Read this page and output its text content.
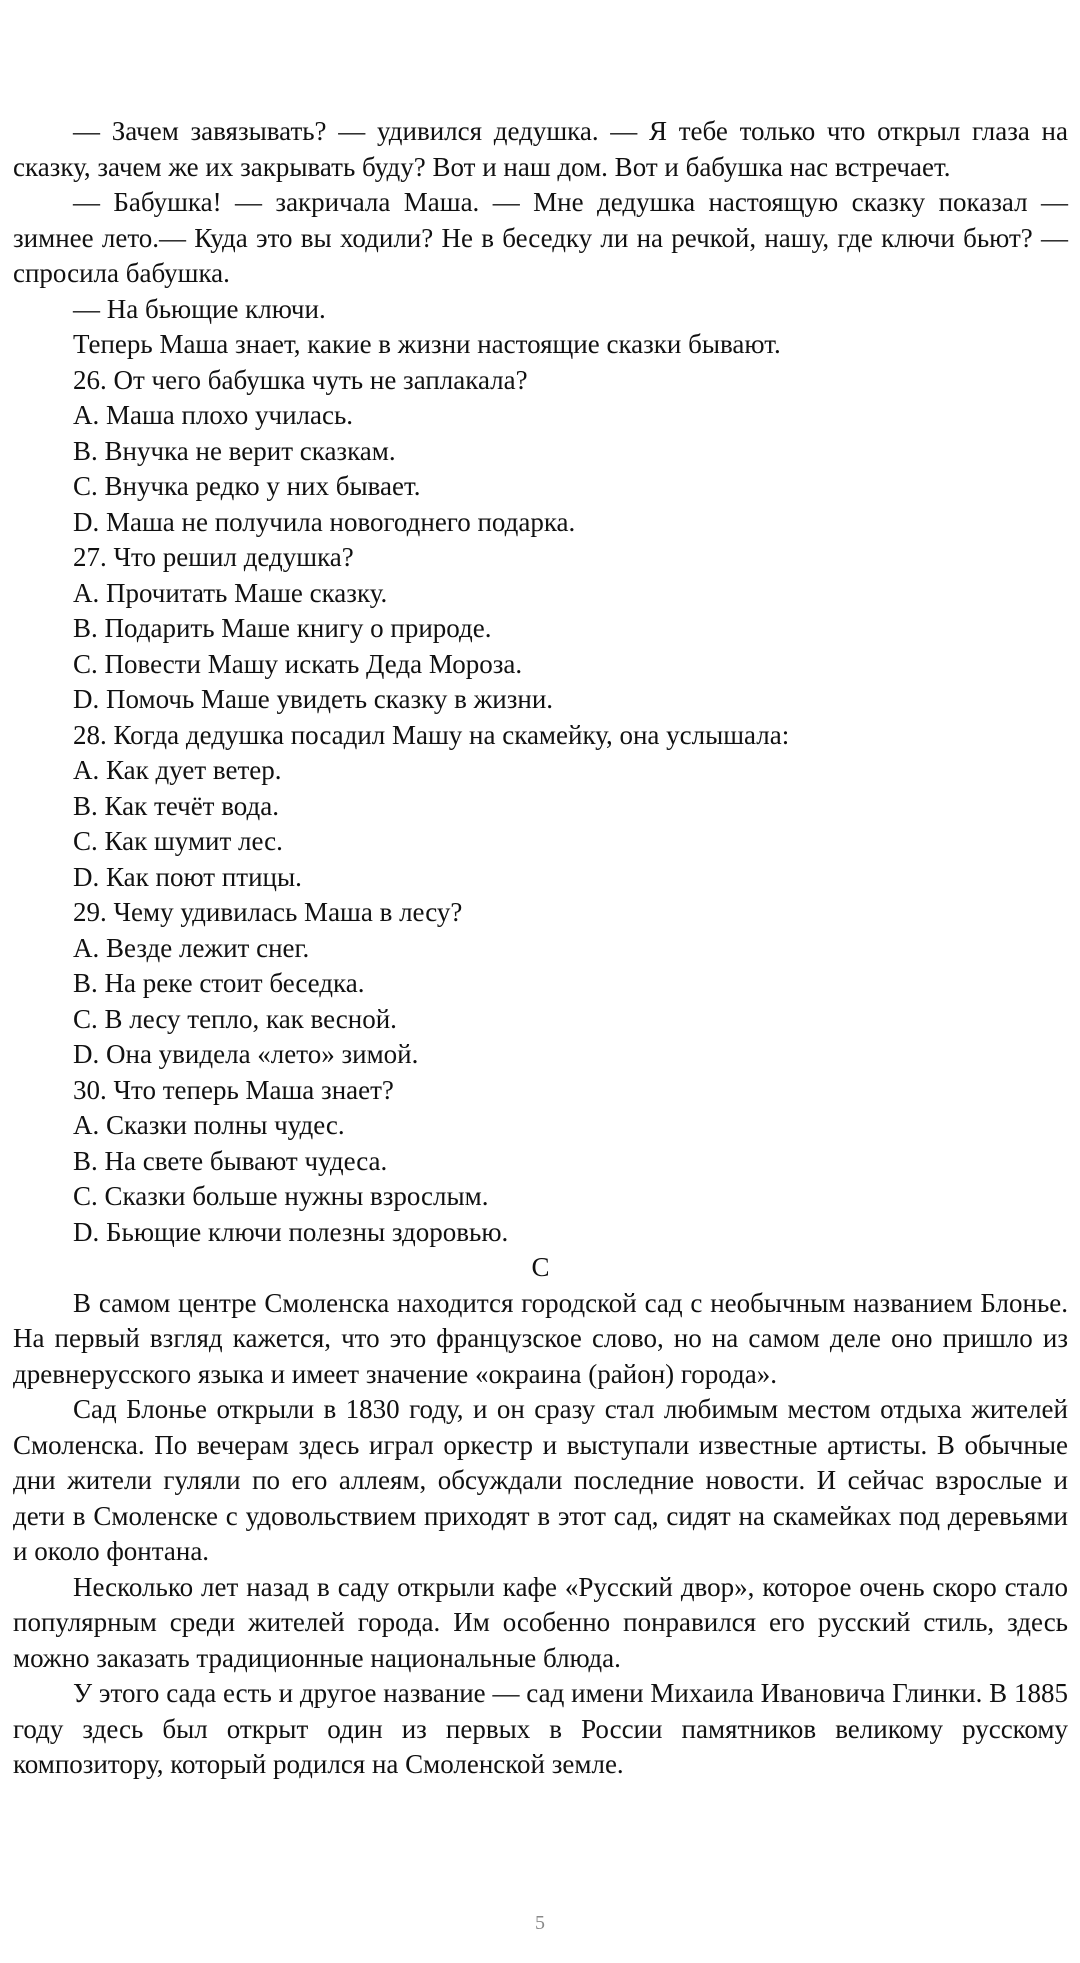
— Зачем завязывать? — удивился дедушка. — Я тебе только что открыл глаза на сказку, зачем же их закрывать буду? Вот и наш дом. Вот и бабушка нас встречает.

— Бабушка! — закричала Маша. — Мне дедушка настоящую сказку показал — зимнее лето.— Куда это вы ходили? Не в беседку ли на речкой, нашу, где ключи бьют? — спросила бабушка.

— На бьющие ключи.

Теперь Маша знает, какие в жизни настоящие сказки бывают.

26. От чего бабушка чуть не заплакала?

A. Маша плохо училась.

B. Внучка не верит сказкам.

C. Внучка редко у них бывает.

D. Маша не получила новогоднего подарка.

27. Что решил дедушка?

A. Прочитать Маше сказку.

B. Подарить Маше книгу о природе.

C. Повести Машу искать Деда Мороза.

D. Помочь Маше увидеть сказку в жизни.

28. Когда дедушка посадил Машу на скамейку, она услышала:

A. Как дует ветер.

B. Как течёт вода.

C. Как шумит лес.

D. Как поют птицы.

29. Чему удивилась Маша в лесу?

A. Везде лежит снег.

B. На реке стоит беседка.

C. В лесу тепло, как весной.

D. Она увидела «лето» зимой.

30. Что теперь Маша знает?

A. Сказки полны чудес.

B. На свете бывают чудеса.

C. Сказки больше нужны взрослым.

D. Бьющие ключи полезны здоровью.

C

В самом центре Смоленска находится городской сад с необычным названием Блонье. На первый взгляд кажется, что это французское слово, но на самом деле оно пришло из древнерусского языка и имеет значение «окраина (район) города».

Сад Блонье открыли в 1830 году, и он сразу стал любимым местом отдыха жителей Смоленска. По вечерам здесь играл оркестр и выступали известные артисты. В обычные дни жители гуляли по его аллеям, обсуждали последние новости. И сейчас взрослые и дети в Смоленске с удовольствием приходят в этот сад, сидят на скамейках под деревьями и около фонтана.

Несколько лет назад в саду открыли кафе «Русский двор», которое очень скоро стало популярным среди жителей города. Им особенно понравился его русский стиль, здесь можно заказать традиционные национальные блюда.

У этого сада есть и другое название — сад имени Михаила Ивановича Глинки. В 1885 году здесь был открыт один из первых в России памятников великому русскому композитору, который родился на Смоленской земле.

5
